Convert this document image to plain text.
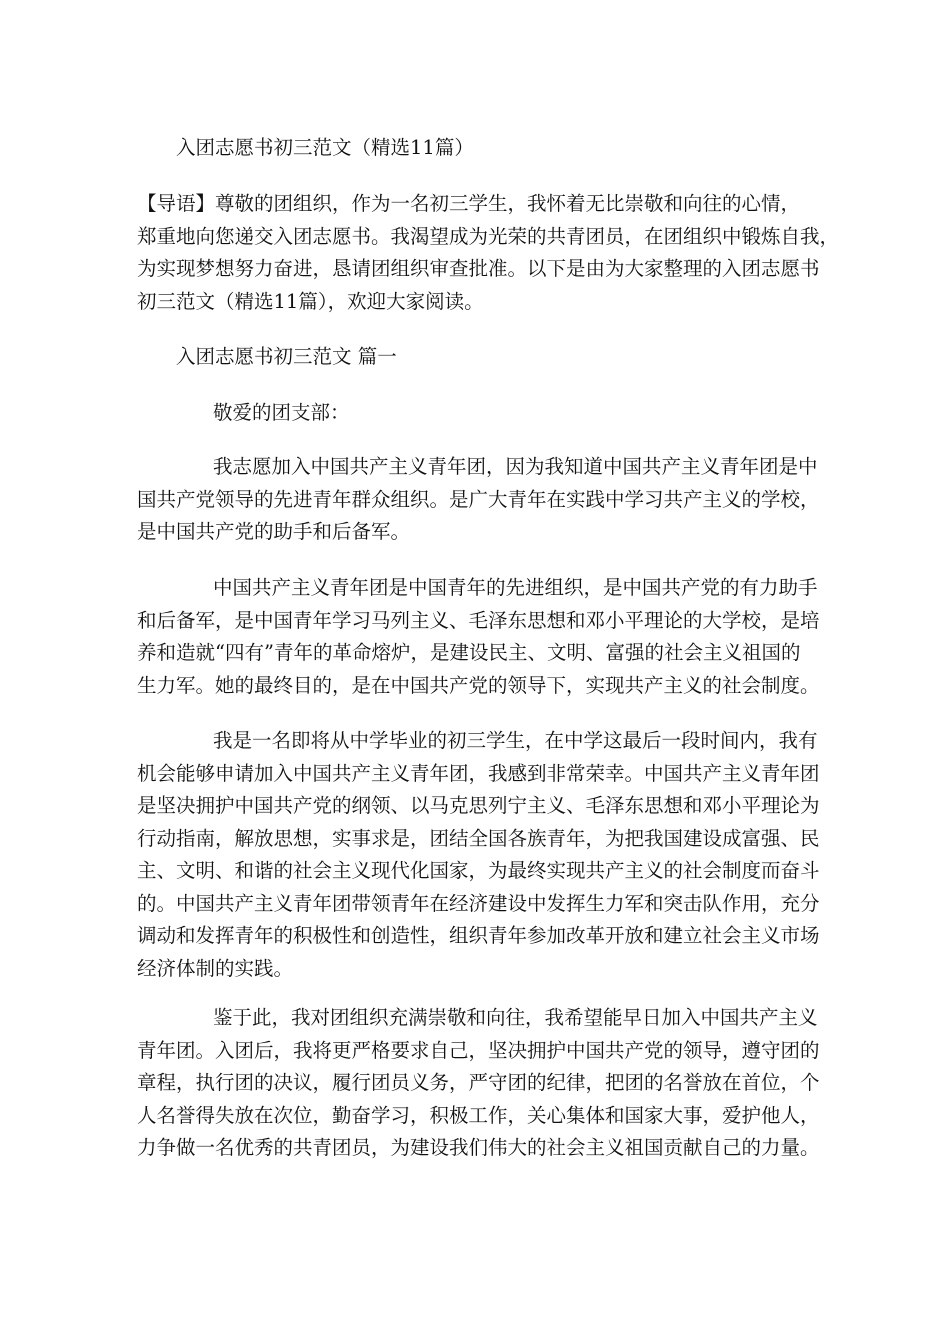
入团志愿书初三范文（精选11篇）
【导语】尊敬的团组织，作为一名初三学生，我怀着无比崇敬和向往的心情，
郑重地向您递交入团志愿书。我渴望成为光荣的共青团员，在团组织中锻炼自我，
为实现梦想努力奋进，恳请团组织审查批准。以下是由为大家整理的入团志愿书
初三范文（精选11篇），欢迎大家阅读。
入团志愿书初三范文 篇一
敬爱的团支部：
我志愿加入中国共产主义青年团，因为我知道中国共产主义青年团是中
国共产党领导的先进青年群众组织。是广大青年在实践中学习共产主义的学校，
是中国共产党的助手和后备军。
中国共产主义青年团是中国青年的先进组织，是中国共产党的有力助手
和后备军，是中国青年学习马列主义、毛泽东思想和邓小平理论的大学校，是培
养和造就“四有”青年的革命熔炉，是建设民主、文明、富强的社会主义祖国的
生力军。她的最终目的，是在中国共产党的领导下，实现共产主义的社会制度。
我是一名即将从中学毕业的初三学生，在中学这最后一段时间内，我有
机会能够申请加入中国共产主义青年团，我感到非常荣幸。中国共产主义青年团
是坚决拥护中国共产党的纲领、以马克思列宁主义、毛泽东思想和邓小平理论为
行动指南，解放思想，实事求是，团结全国各族青年，为把我国建设成富强、民
主、文明、和谐的社会主义现代化国家，为最终实现共产主义的社会制度而奋斗
的。中国共产主义青年团带领青年在经济建设中发挥生力军和突击队作用，充分
调动和发挥青年的积极性和创造性，组织青年参加改革开放和建立社会主义市场
经济体制的实践。
鉴于此，我对团组织充满崇敬和向往，我希望能早日加入中国共产主义
青年团。入团后，我将更严格要求自己，坚决拥护中国共产党的领导，遵守团的
章程，执行团的决议，履行团员义务，严守团的纪律，把团的名誉放在首位，个
人名誉得失放在次位，勤奋学习，积极工作，关心集体和国家大事，爱护他人，
力争做一名优秀的共青团员，为建设我们伟大的社会主义祖国贡献自己的力量。
